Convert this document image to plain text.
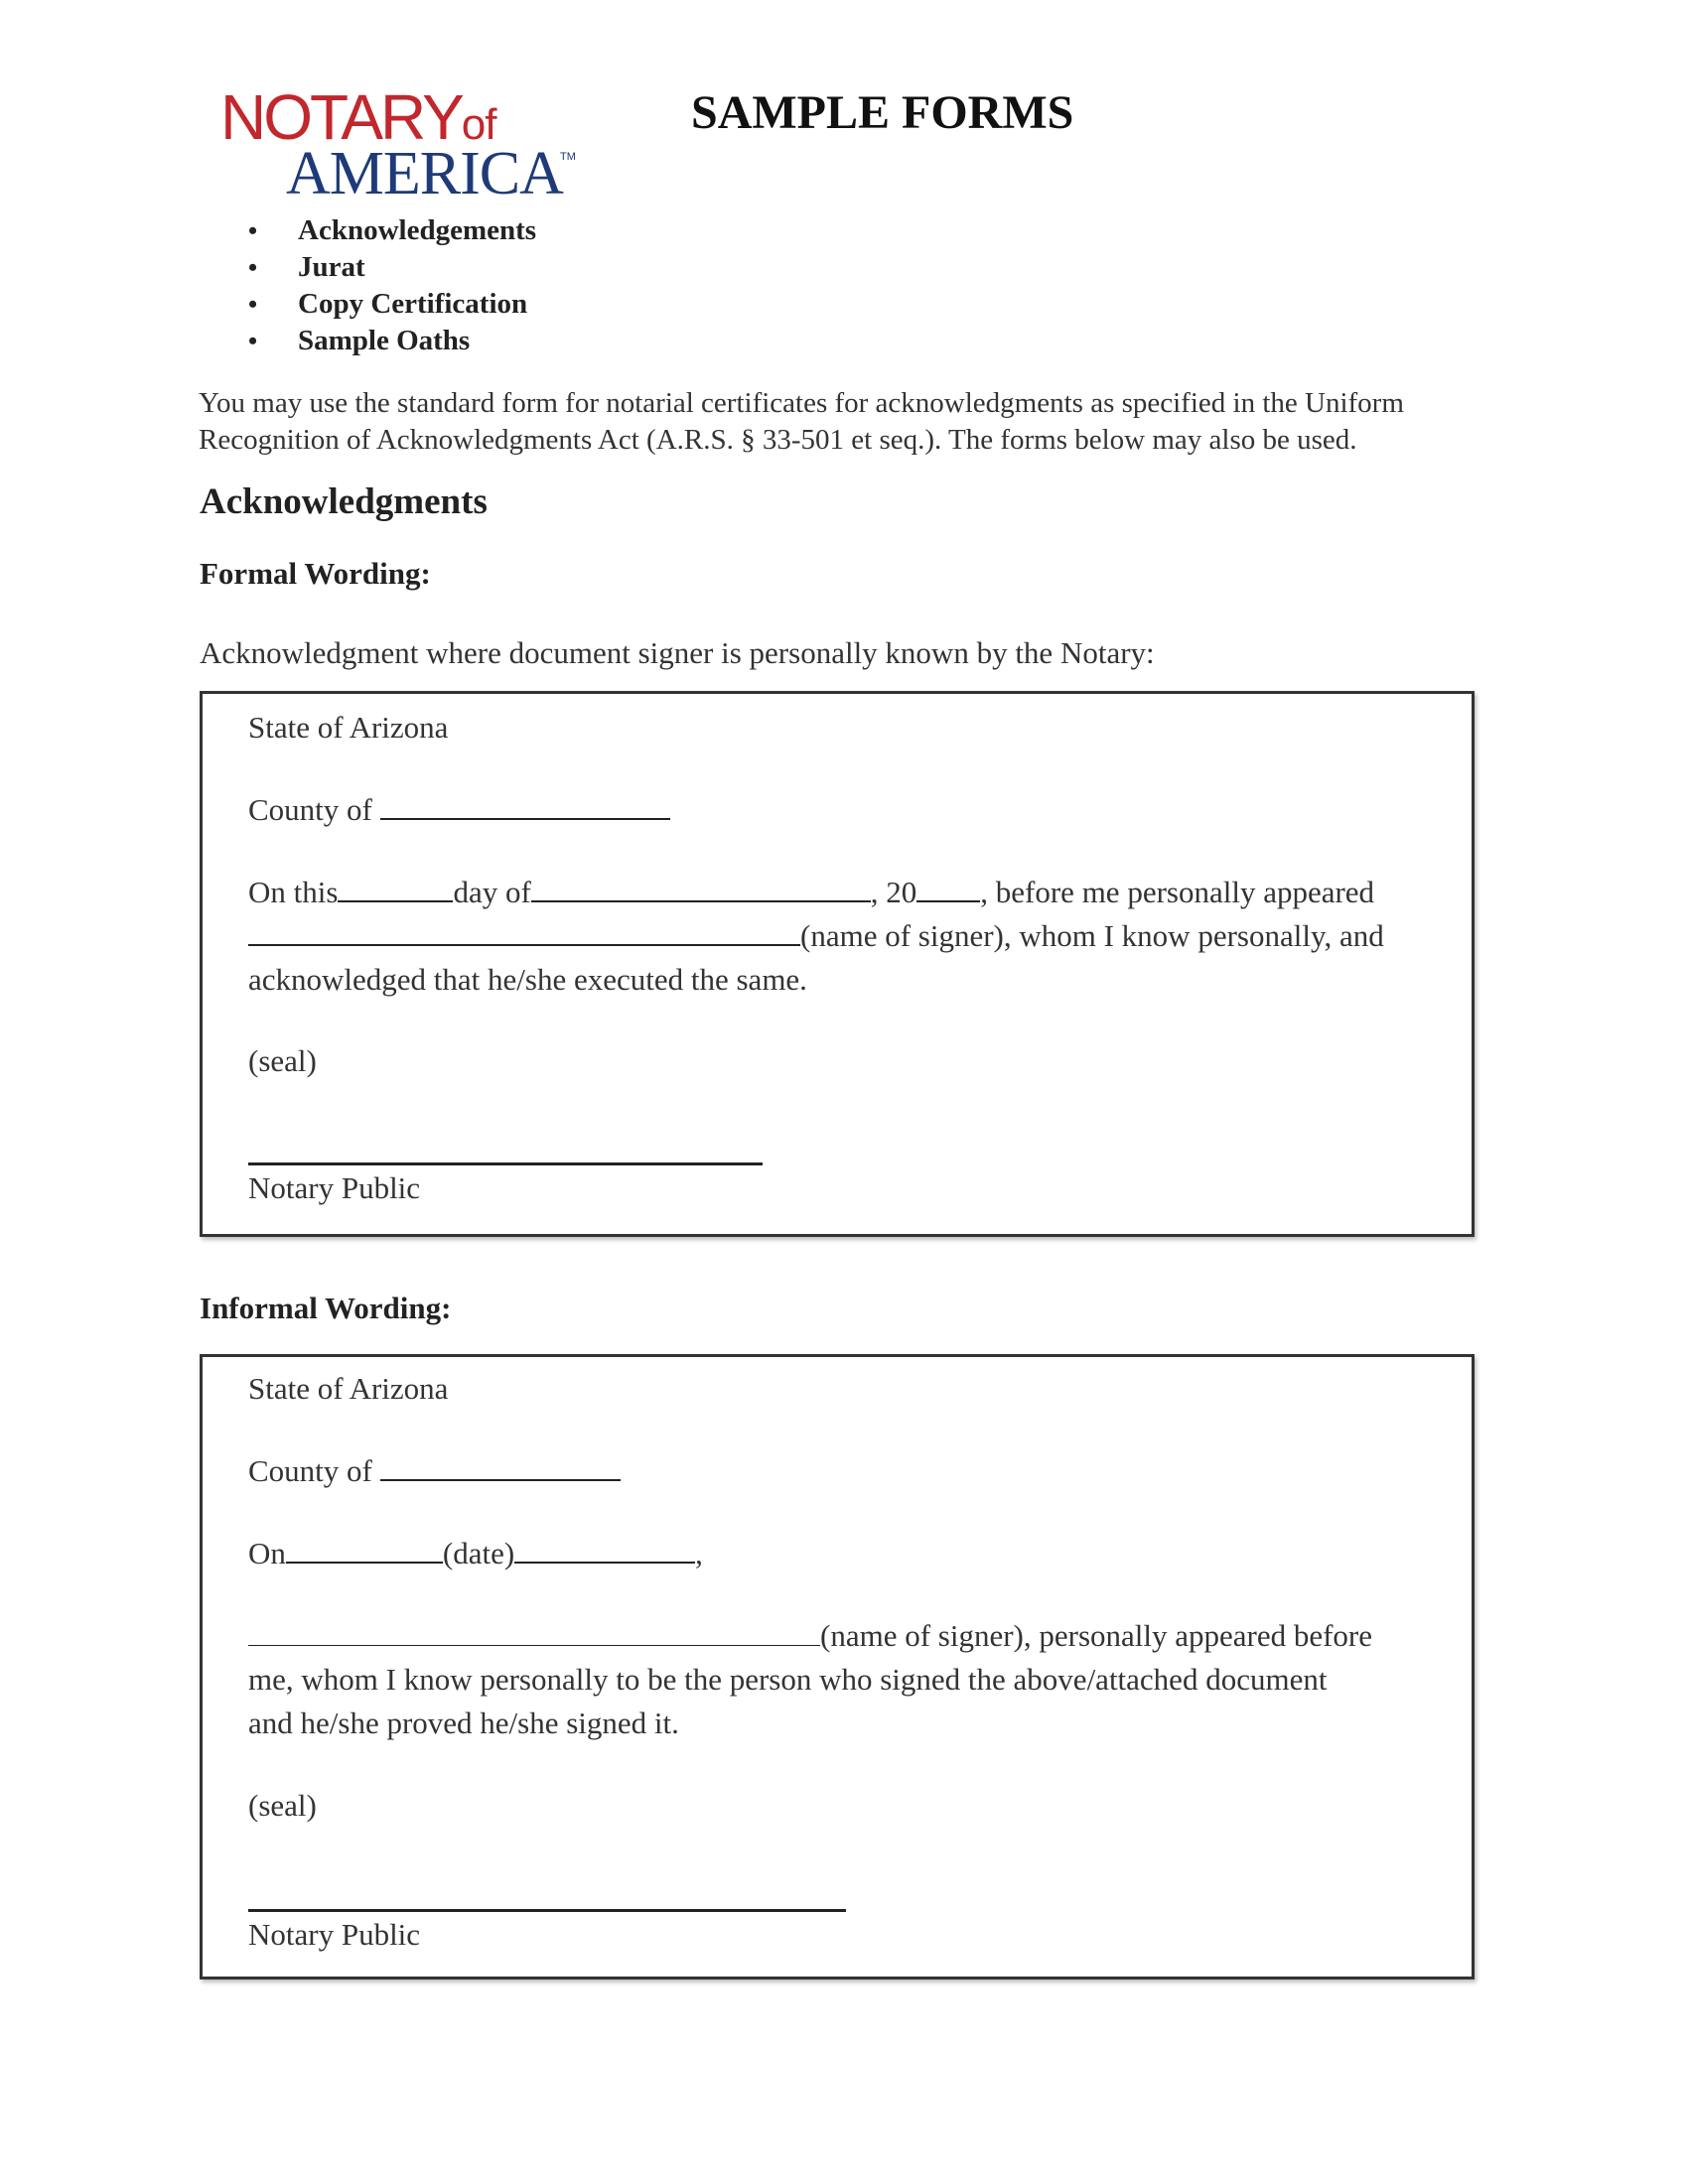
NOTARYof
AMERICA
TM
SAMPLE FORMS
• Acknowledgements
• Jurat
• Copy Certification
• Sample Oaths

You may use the standard form for notarial certificates for acknowledgments as specified in the Uniform
Recognition of Acknowledgments Act (A.R.S. § 33-501 et seq.). The forms below may also be used.

Acknowledgments
Formal Wording:

Acknowledgment where document signer is personally known by the Notary:

State of Arizona
County of
On this	day of	, 20 , before me personally appeared
(name of signer), whom I know personally, and
acknowledged that he/she executed the same.
(seal)
Notary Public
Informal Wording:
State of Arizona
County of
On	(date)	,
(name of signer), personally appeared before
me, whom I know personally to be the person who signed the above/attached document
and he/she proved he/she signed it.
(seal)
Notary Public
